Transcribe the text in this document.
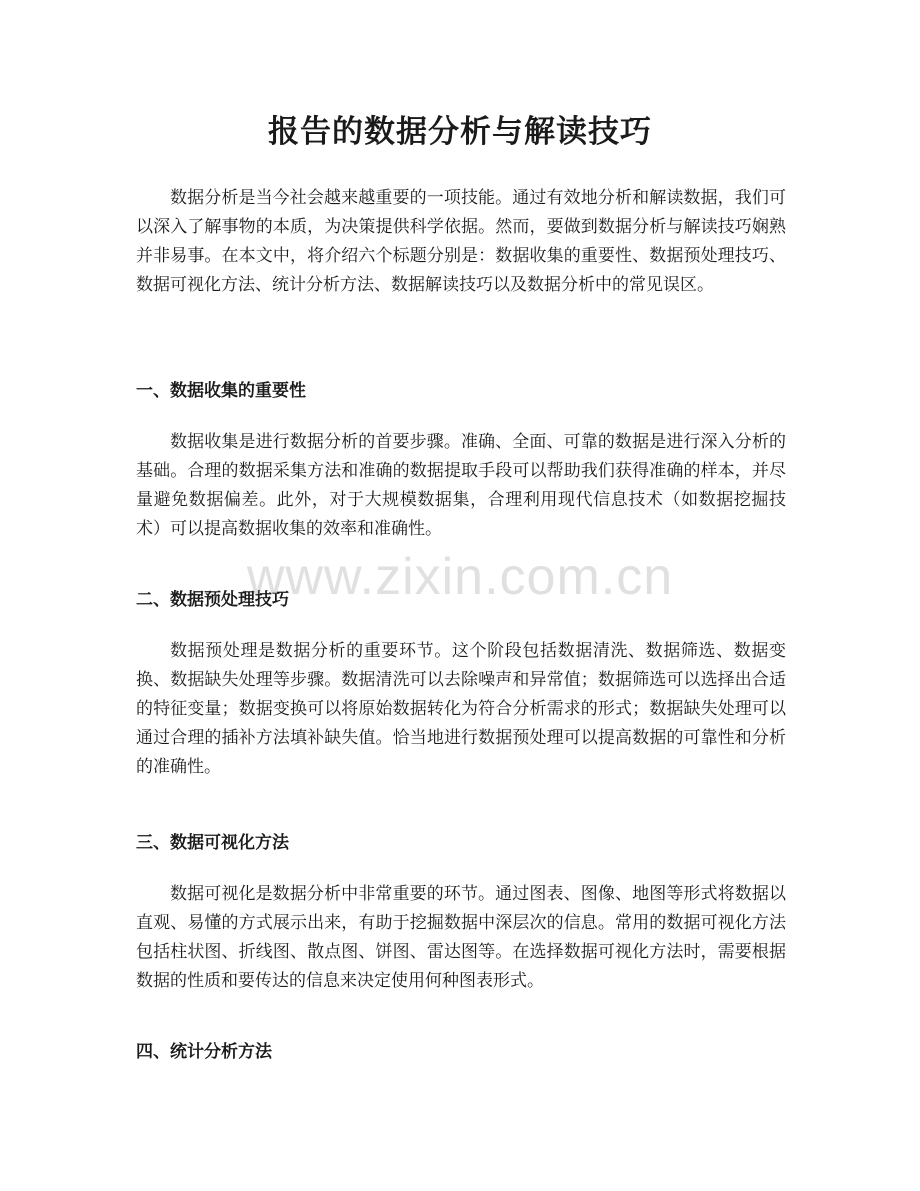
报告的数据分析与解读技巧

数据分析是当今社会越来越重要的一项技能。通过有效地分析和解读数据，我们可以深入了解事物的本质，为决策提供科学依据。然而，要做到数据分析与解读技巧娴熟并非易事。在本文中，将介绍六个标题分别是：数据收集的重要性、数据预处理技巧、数据可视化方法、统计分析方法、数据解读技巧以及数据分析中的常见误区。

一、数据收集的重要性

数据收集是进行数据分析的首要步骤。准确、全面、可靠的数据是进行深入分析的基础。合理的数据采集方法和准确的数据提取手段可以帮助我们获得准确的样本，并尽量避免数据偏差。此外，对于大规模数据集，合理利用现代信息技术（如数据挖掘技术）可以提高数据收集的效率和准确性。

二、数据预处理技巧

数据预处理是数据分析的重要环节。这个阶段包括数据清洗、数据筛选、数据变换、数据缺失处理等步骤。数据清洗可以去除噪声和异常值；数据筛选可以选择出合适的特征变量；数据变换可以将原始数据转化为符合分析需求的形式；数据缺失处理可以通过合理的插补方法填补缺失值。恰当地进行数据预处理可以提高数据的可靠性和分析的准确性。

三、数据可视化方法

数据可视化是数据分析中非常重要的环节。通过图表、图像、地图等形式将数据以直观、易懂的方式展示出来，有助于挖掘数据中深层次的信息。常用的数据可视化方法包括柱状图、折线图、散点图、饼图、雷达图等。在选择数据可视化方法时，需要根据数据的性质和要传达的信息来决定使用何种图表形式。

四、统计分析方法
www.zixin.com.cn
